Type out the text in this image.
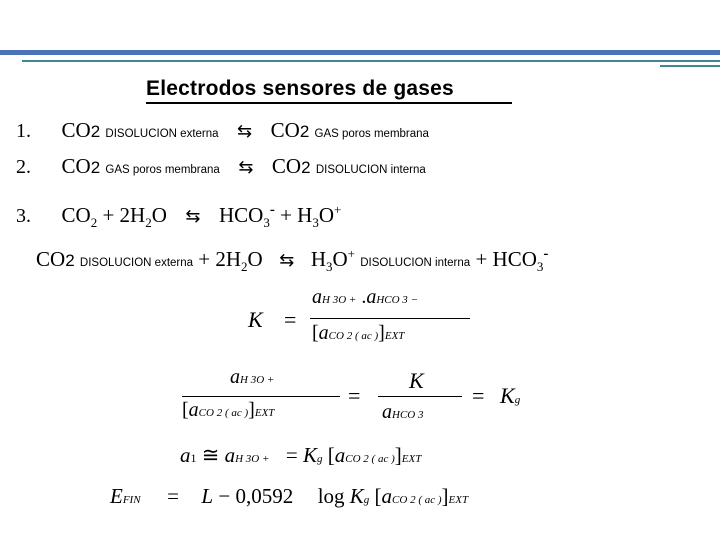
Electrodos sensores de gases
1. CO2 DISOLUCION externa ⇆ CO2 GAS poros membrana
2. CO2 GAS poros membrana ⇆ CO2 DISOLUCION interna
3. $CO_2 + 2H_2O$ ⇆ $HCO_3^- + H_3O^+$
CO2 DISOLUCION externa + $2H_2O$ ⇆ $H_3O^+$ DISOLUCION interna + $HCO_3^-$
K =
aH 3O + .aHCO 3 −
[aCO 2 ( ac )]EXT
aH 3O +
[aCO 2 ( ac )]EXT
=
K
aHCO 3
= Kg
a1 ≅ aH 3O + = Kg [aCO 2 ( ac )]EXT
EFIN = L − 0,0592 log Kg [aCO 2 ( ac )]EXT
